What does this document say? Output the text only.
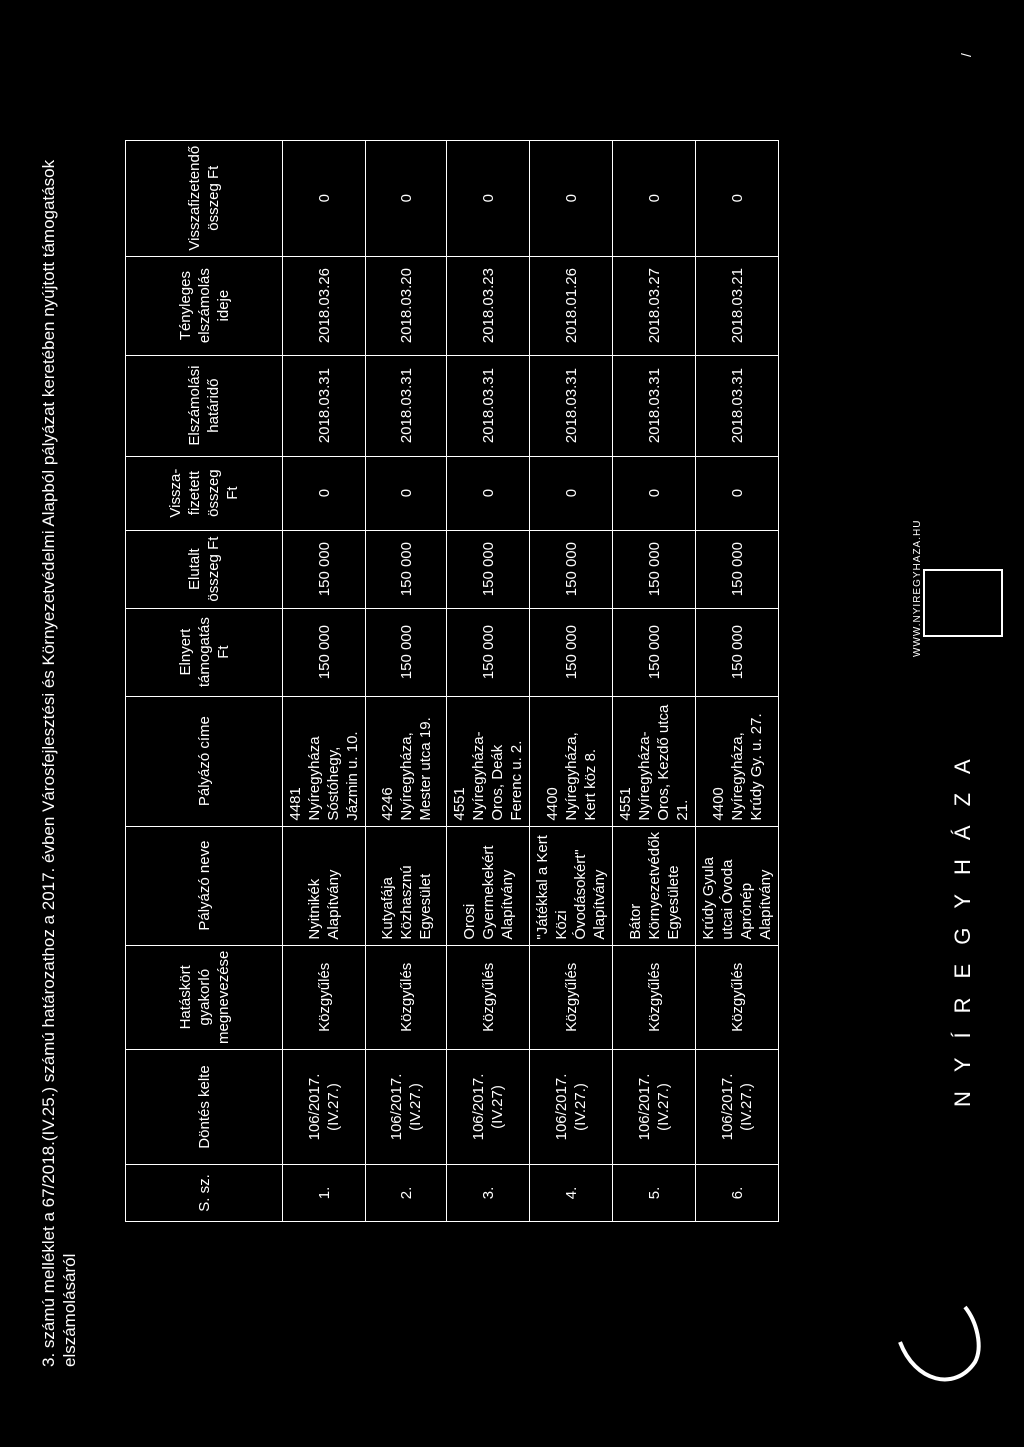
3. számú melléklet a 67/2018.(IV.25.) számú határozathoz a 2017. évben Városfejlesztési és Környezetvédelmi Alapból pályázat keretében nyújtott támogatások elszámolásáról
S. sz.	Döntés kelte	Hatáskört gyakorló megnevezése	Pályázó neve	Pályázó címe	Elnyert támogatás Ft	Elutalt összeg Ft	Vissza-fizetett összeg Ft	Elszámolási határidő	Tényleges elszámolás ideje	Visszafizetendő összeg Ft
1.	106/2017. (IV.27.)	Közgyűlés	Nyitnikék Alapítvány	4481 Nyíregyháza Sóstóhegy, Jázmin u. 10.	150 000	150 000	0	2018.03.31	2018.03.26	0
2.	106/2017. (IV.27.)	Közgyűlés	Kutyafája Közhasznú Egyesület	4246 Nyíregyháza, Mester utca 19.	150 000	150 000	0	2018.03.31	2018.03.20	0
3.	106/2017. (IV.27)	Közgyűlés	Orosi Gyermekekért Alapítvány	4551 Nyíregyháza-Oros, Deák Ferenc u. 2.	150 000	150 000	0	2018.03.31	2018.03.23	0
4.	106/2017. (IV.27.)	Közgyűlés	"Játékkal a Kert Közi Óvodásokért" Alapítvány	4400 Nyíregyháza, Kert köz 8.	150 000	150 000	0	2018.03.31	2018.01.26	0
5.	106/2017. (IV.27.)	Közgyűlés	Bátor Környezetvédők Egyesülete	4551 Nyíregyháza-Oros, Kezdő utca 21.	150 000	150 000	0	2018.03.31	2018.03.27	0
6.	106/2017. (IV.27.)	Közgyűlés	Krúdy Gyula utcai Óvoda Aprónép Alapítvány	4400 Nyíregyháza, Krúdy Gy. u. 27.	150 000	150 000	0	2018.03.31	2018.03.21	0
NYÍREGYHÁZA
WWW.NYIREGYHAZA.HU
/
